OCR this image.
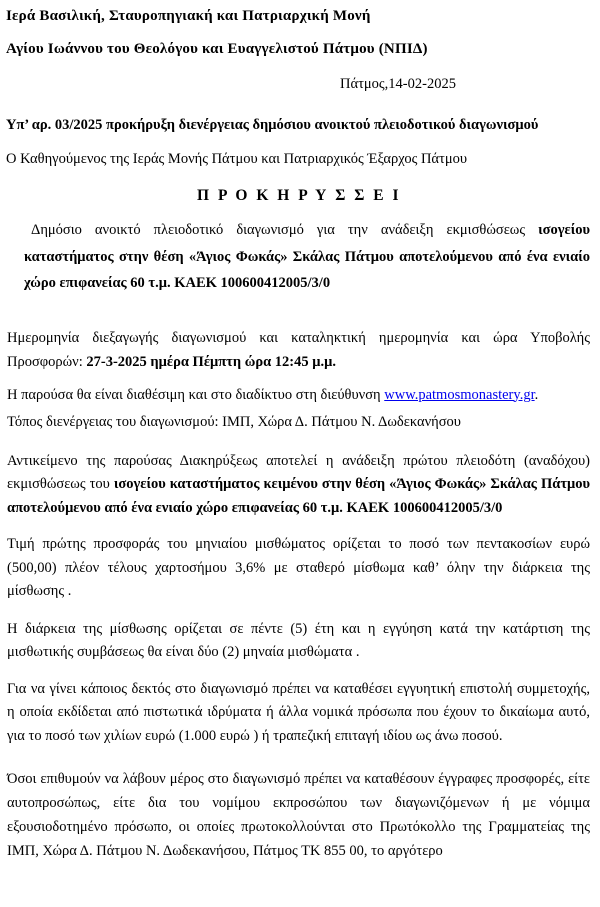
Ιερά Βασιλική, Σταυροπηγιακή και Πατριαρχική Μονή
Αγίου Ιωάννου του Θεολόγου και Ευαγγελιστού Πάτμου (ΝΠΙΔ)
Πάτμος,14-02-2025
Υπ’ αρ. 03/2025 προκήρυξη διενέργειας δημόσιου ανοικτού πλειοδοτικού διαγωνισμού
Ο Καθηγούμενος της Ιεράς Μονής Πάτμου και Πατριαρχικός Έξαρχος Πάτμου
Π Ρ Ο Κ Η Ρ Υ Σ Σ Ε Ι
Δημόσιο ανοικτό πλειοδοτικό διαγωνισμό για την ανάδειξη εκμισθώσεως ισογείου καταστήματος στην θέση «Άγιος Φωκάς» Σκάλας Πάτμου αποτελούμενου από ένα ενιαίο χώρο επιφανείας 60 τ.μ. ΚΑΕΚ 100600412005/3/0
Ημερομηνία διεξαγωγής διαγωνισμού και καταληκτική ημερομηνία και ώρα Υποβολής Προσφορών: 27-3-2025 ημέρα Πέμπτη ώρα 12:45 μ.μ.
Η παρούσα θα είναι διαθέσιμη και στο διαδίκτυο στη διεύθυνση www.patmosmonastery.gr.
Τόπος διενέργειας του διαγωνισμού: ΙΜΠ, Χώρα Δ. Πάτμου Ν. Δωδεκανήσου
Αντικείμενο της παρούσας Διακηρύξεως αποτελεί η ανάδειξη πρώτου πλειοδότη (αναδόχου) εκμισθώσεως του ισογείου καταστήματος κειμένου στην θέση «Άγιος Φωκάς» Σκάλας Πάτμου αποτελούμενου από ένα ενιαίο χώρο επιφανείας 60 τ.μ. ΚΑΕΚ 100600412005/3/0
Τιμή πρώτης προσφοράς του μηνιαίου μισθώματος ορίζεται το ποσό των πεντακοσίων ευρώ (500,00) πλέον τέλους χαρτοσήμου 3,6% με σταθερό μίσθωμα καθ’ όλην την διάρκεια της μίσθωσης .
Η διάρκεια της μίσθωσης ορίζεται σε πέντε (5) έτη και η εγγύηση κατά την κατάρτιση της μισθωτικής συμβάσεως θα είναι δύο (2) μηναία μισθώματα .
Για να γίνει κάποιος δεκτός στο διαγωνισμό πρέπει να καταθέσει εγγυητική επιστολή συμμετοχής, η οποία εκδίδεται από πιστωτικά ιδρύματα ή άλλα νομικά πρόσωπα που έχουν το δικαίωμα αυτό, για το ποσό των χιλίων ευρώ (1.000 ευρώ ) ή τραπεζική επιταγή ιδίου ως άνω ποσού.
Όσοι επιθυμούν να λάβουν μέρος στο διαγωνισμό πρέπει να καταθέσουν έγγραφες προσφορές, είτε αυτοπροσώπως, είτε δια του νομίμου εκπροσώπου των διαγωνιζόμενων ή με νόμιμα εξουσιοδοτημένο πρόσωπο, οι οποίες πρωτοκολλούνται στο Πρωτόκολλο της Γραμματείας της ΙΜΠ, Χώρα Δ. Πάτμου Ν. Δωδεκανήσου, Πάτμος ΤΚ 855 00, το αργότερο
